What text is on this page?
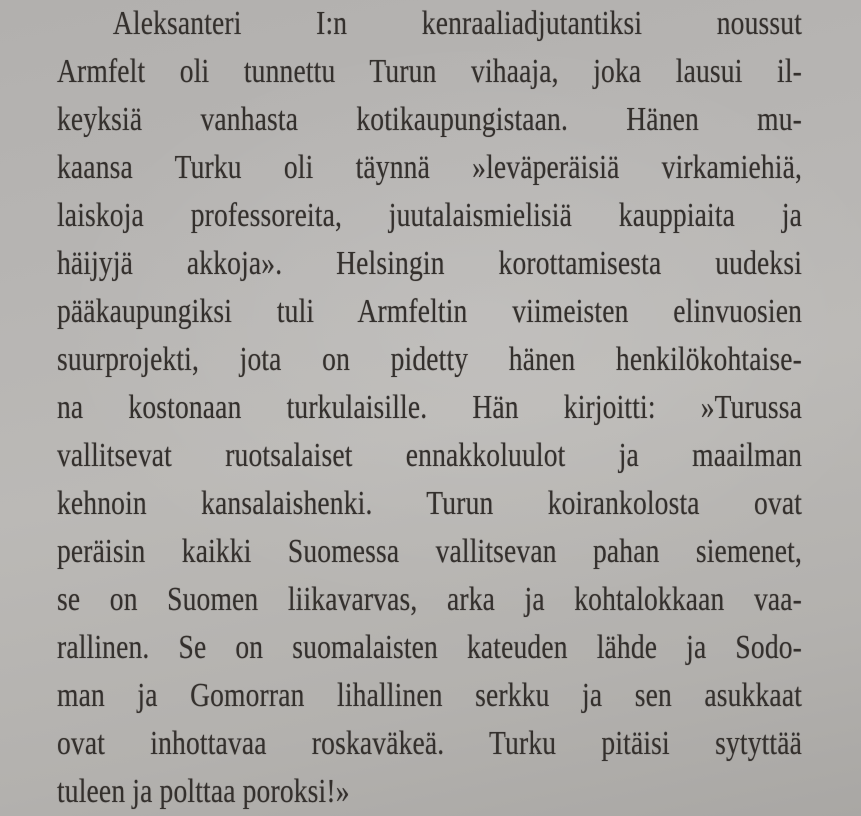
Aleksanteri I:n kenraaliadjutantiksi noussut
Armfelt oli tunnettu Turun vihaaja, joka lausui il-
keyksiä vanhasta kotikaupungistaan. Hänen mu-
kaansa Turku oli täynnä »leväperäisiä virkamiehiä,
laiskoja professoreita, juutalaismielisiä kauppiaita ja
häijyjä akkoja». Helsingin korottamisesta uudeksi
pääkaupungiksi tuli Armfeltin viimeisten elinvuosien
suurprojekti, jota on pidetty hänen henkilökohtaise-
na kostonaan turkulaisille. Hän kirjoitti: »Turussa
vallitsevat ruotsalaiset ennakkoluulot ja maailman
kehnoin kansalaishenki. Turun koirankolosta ovat
peräisin kaikki Suomessa vallitsevan pahan siemenet,
se on Suomen liikavarvas, arka ja kohtalokkaan vaa-
rallinen. Se on suomalaisten kateuden lähde ja Sodo-
man ja Gomorran lihallinen serkku ja sen asukkaat
ovat inhottavaa roskaväkeä. Turku pitäisi sytyttää
tuleen ja polttaa poroksi!»
